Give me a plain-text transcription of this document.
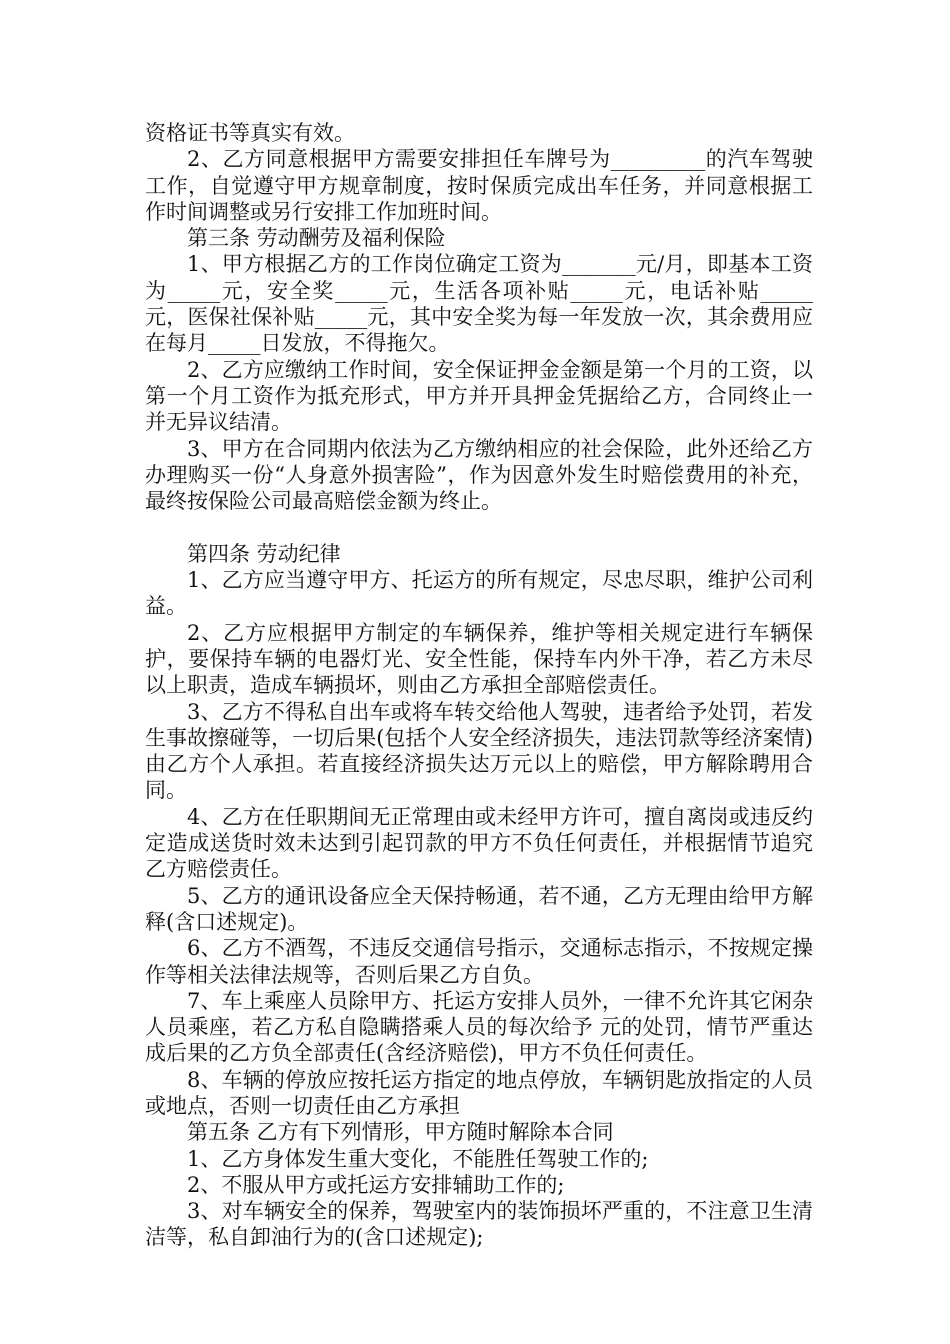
资格证书等真实有效。

2、乙方同意根据甲方需要安排担任车牌号为_________的汽车驾驶工作，自觉遵守甲方规章制度，按时保质完成出车任务，并同意根据工作时间调整或另行安排工作加班时间。

第三条 劳动酬劳及福利保险

1、甲方根据乙方的工作岗位确定工资为_______元/月，即基本工资为_____元，安全奖_____元，生活各项补贴_____元，电话补贴_____元，医保社保补贴_____元，其中安全奖为每一年发放一次，其余费用应在每月_____日发放，不得拖欠。

2、乙方应缴纳工作时间，安全保证押金金额是第一个月的工资，以第一个月工资作为抵充形式，甲方并开具押金凭据给乙方，合同终止一并无异议结清。

3、甲方在合同期内依法为乙方缴纳相应的社会保险，此外还给乙方办理购买一份“人身意外损害险”，作为因意外发生时赔偿费用的补充，最终按保险公司最高赔偿金额为终止。

第四条 劳动纪律

1、乙方应当遵守甲方、托运方的所有规定，尽忠尽职，维护公司利益。

2、乙方应根据甲方制定的车辆保养，维护等相关规定进行车辆保护，要保持车辆的电器灯光、安全性能，保持车内外干净，若乙方未尽以上职责，造成车辆损坏，则由乙方承担全部赔偿责任。

3、乙方不得私自出车或将车转交给他人驾驶，违者给予处罚，若发生事故擦碰等，一切后果(包括个人安全经济损失，违法罚款等经济案情)由乙方个人承担。若直接经济损失达万元以上的赔偿，甲方解除聘用合同。

4、乙方在任职期间无正常理由或未经甲方许可，擅自离岗或违反约定造成送货时效未达到引起罚款的甲方不负任何责任，并根据情节追究乙方赔偿责任。

5、乙方的通讯设备应全天保持畅通，若不通，乙方无理由给甲方解释(含口述规定)。

6、乙方不酒驾，不违反交通信号指示，交通标志指示，不按规定操作等相关法律法规等，否则后果乙方自负。

7、车上乘座人员除甲方、托运方安排人员外，一律不允许其它闲杂人员乘座，若乙方私自隐瞒搭乘人员的每次给予 元的处罚，情节严重达成后果的乙方负全部责任(含经济赔偿)，甲方不负任何责任。

8、车辆的停放应按托运方指定的地点停放，车辆钥匙放指定的人员或地点，否则一切责任由乙方承担

第五条 乙方有下列情形，甲方随时解除本合同

1、乙方身体发生重大变化，不能胜任驾驶工作的;

2、不服从甲方或托运方安排辅助工作的;

3、对车辆安全的保养，驾驶室内的装饰损坏严重的，不注意卫生清洁等，私自卸油行为的(含口述规定);
